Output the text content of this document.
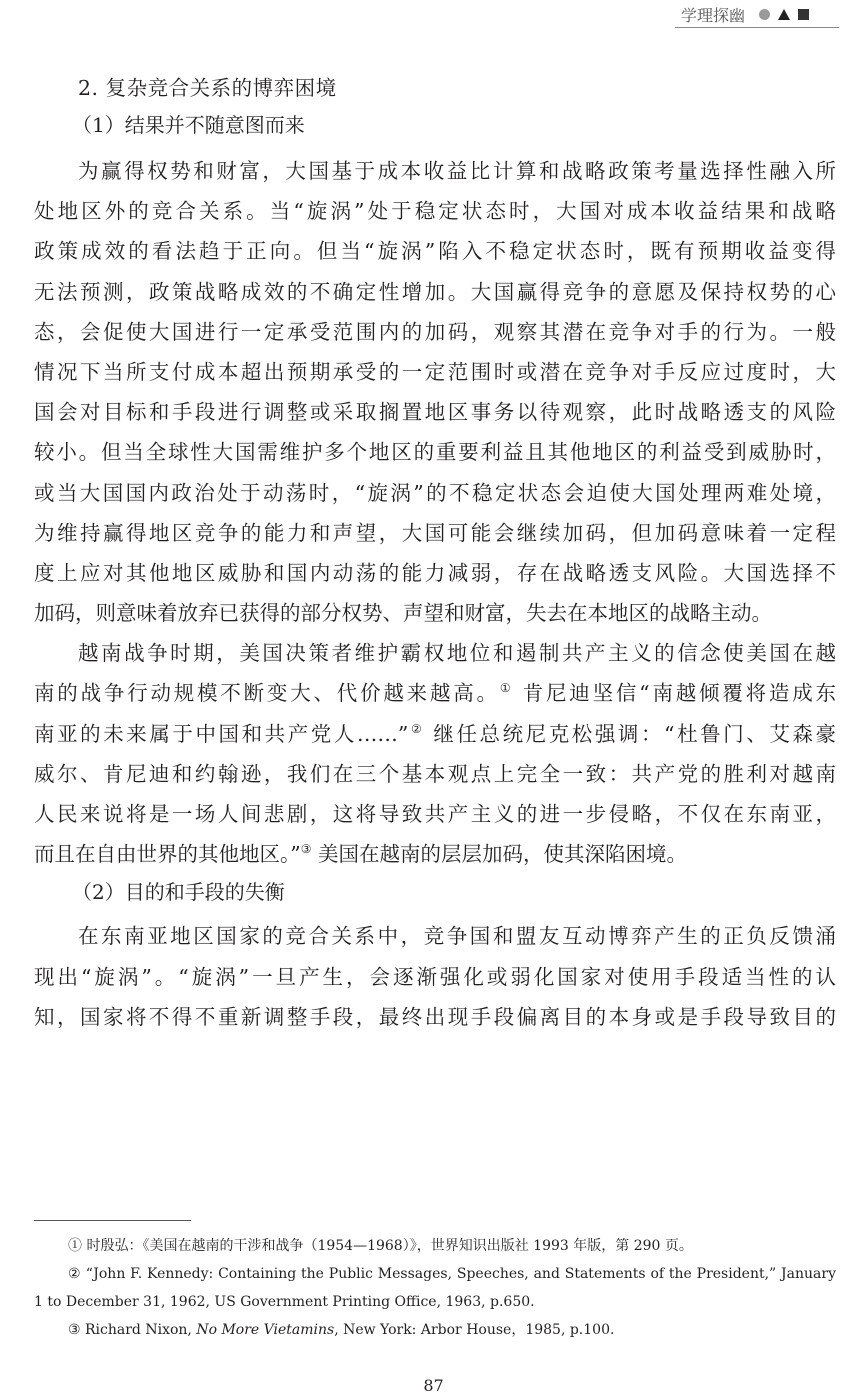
学理探幽
2. 复杂竞合关系的博弈困境
（1）结果并不随意图而来

为赢得权势和财富，大国基于成本收益比计算和战略政策考量选择性融入所

处地区外的竞合关系。当“旋涡”处于稳定状态时，大国对成本收益结果和战略

政策成效的看法趋于正向。但当“旋涡”陷入不稳定状态时，既有预期收益变得

无法预测，政策战略成效的不确定性增加。大国赢得竞争的意愿及保持权势的心

态，会促使大国进行一定承受范围内的加码，观察其潜在竞争对手的行为。一般

情况下当所支付成本超出预期承受的一定范围时或潜在竞争对手反应过度时，大

国会对目标和手段进行调整或采取搁置地区事务以待观察，此时战略透支的风险

较小。但当全球性大国需维护多个地区的重要利益且其他地区的利益受到威胁时，

或当大国国内政治处于动荡时，“旋涡”的不稳定状态会迫使大国处理两难处境，

为维持赢得地区竞争的能力和声望，大国可能会继续加码，但加码意味着一定程

度上应对其他地区威胁和国内动荡的能力减弱，存在战略透支风险。大国选择不

加码，则意味着放弃已获得的部分权势、声望和财富，失去在本地区的战略主动。

越南战争时期，美国决策者维护霸权地位和遏制共产主义的信念使美国在越

南的战争行动规模不断变大、代价越来越高。① 肯尼迪坚信“南越倾覆将造成东

南亚的未来属于中国和共产党人……”② 继任总统尼克松强调：“杜鲁门、艾森豪

威尔、肯尼迪和约翰逊，我们在三个基本观点上完全一致：共产党的胜利对越南

人民来说将是一场人间悲剧，这将导致共产主义的进一步侵略，不仅在东南亚，

而且在自由世界的其他地区。”③ 美国在越南的层层加码，使其深陷困境。

（2）目的和手段的失衡

在东南亚地区国家的竞合关系中，竞争国和盟友互动博弈产生的正负反馈涌

现出“旋涡”。“旋涡”一旦产生，会逐渐强化或弱化国家对使用手段适当性的认

知，国家将不得不重新调整手段，最终出现手段偏离目的本身或是手段导致目的

① 时殷弘：《美国在越南的干涉和战争（1954—1968）》，世界知识出版社 1993 年版，第 290 页。

② “John F. Kennedy: Containing the Public Messages, Speeches, and Statements of the President,” January

1 to December 31, 1962, US Government Printing Office, 1963, p.650.

③ Richard Nixon, No More Vietamins, New York: Arbor House，1985, p.100.

87
